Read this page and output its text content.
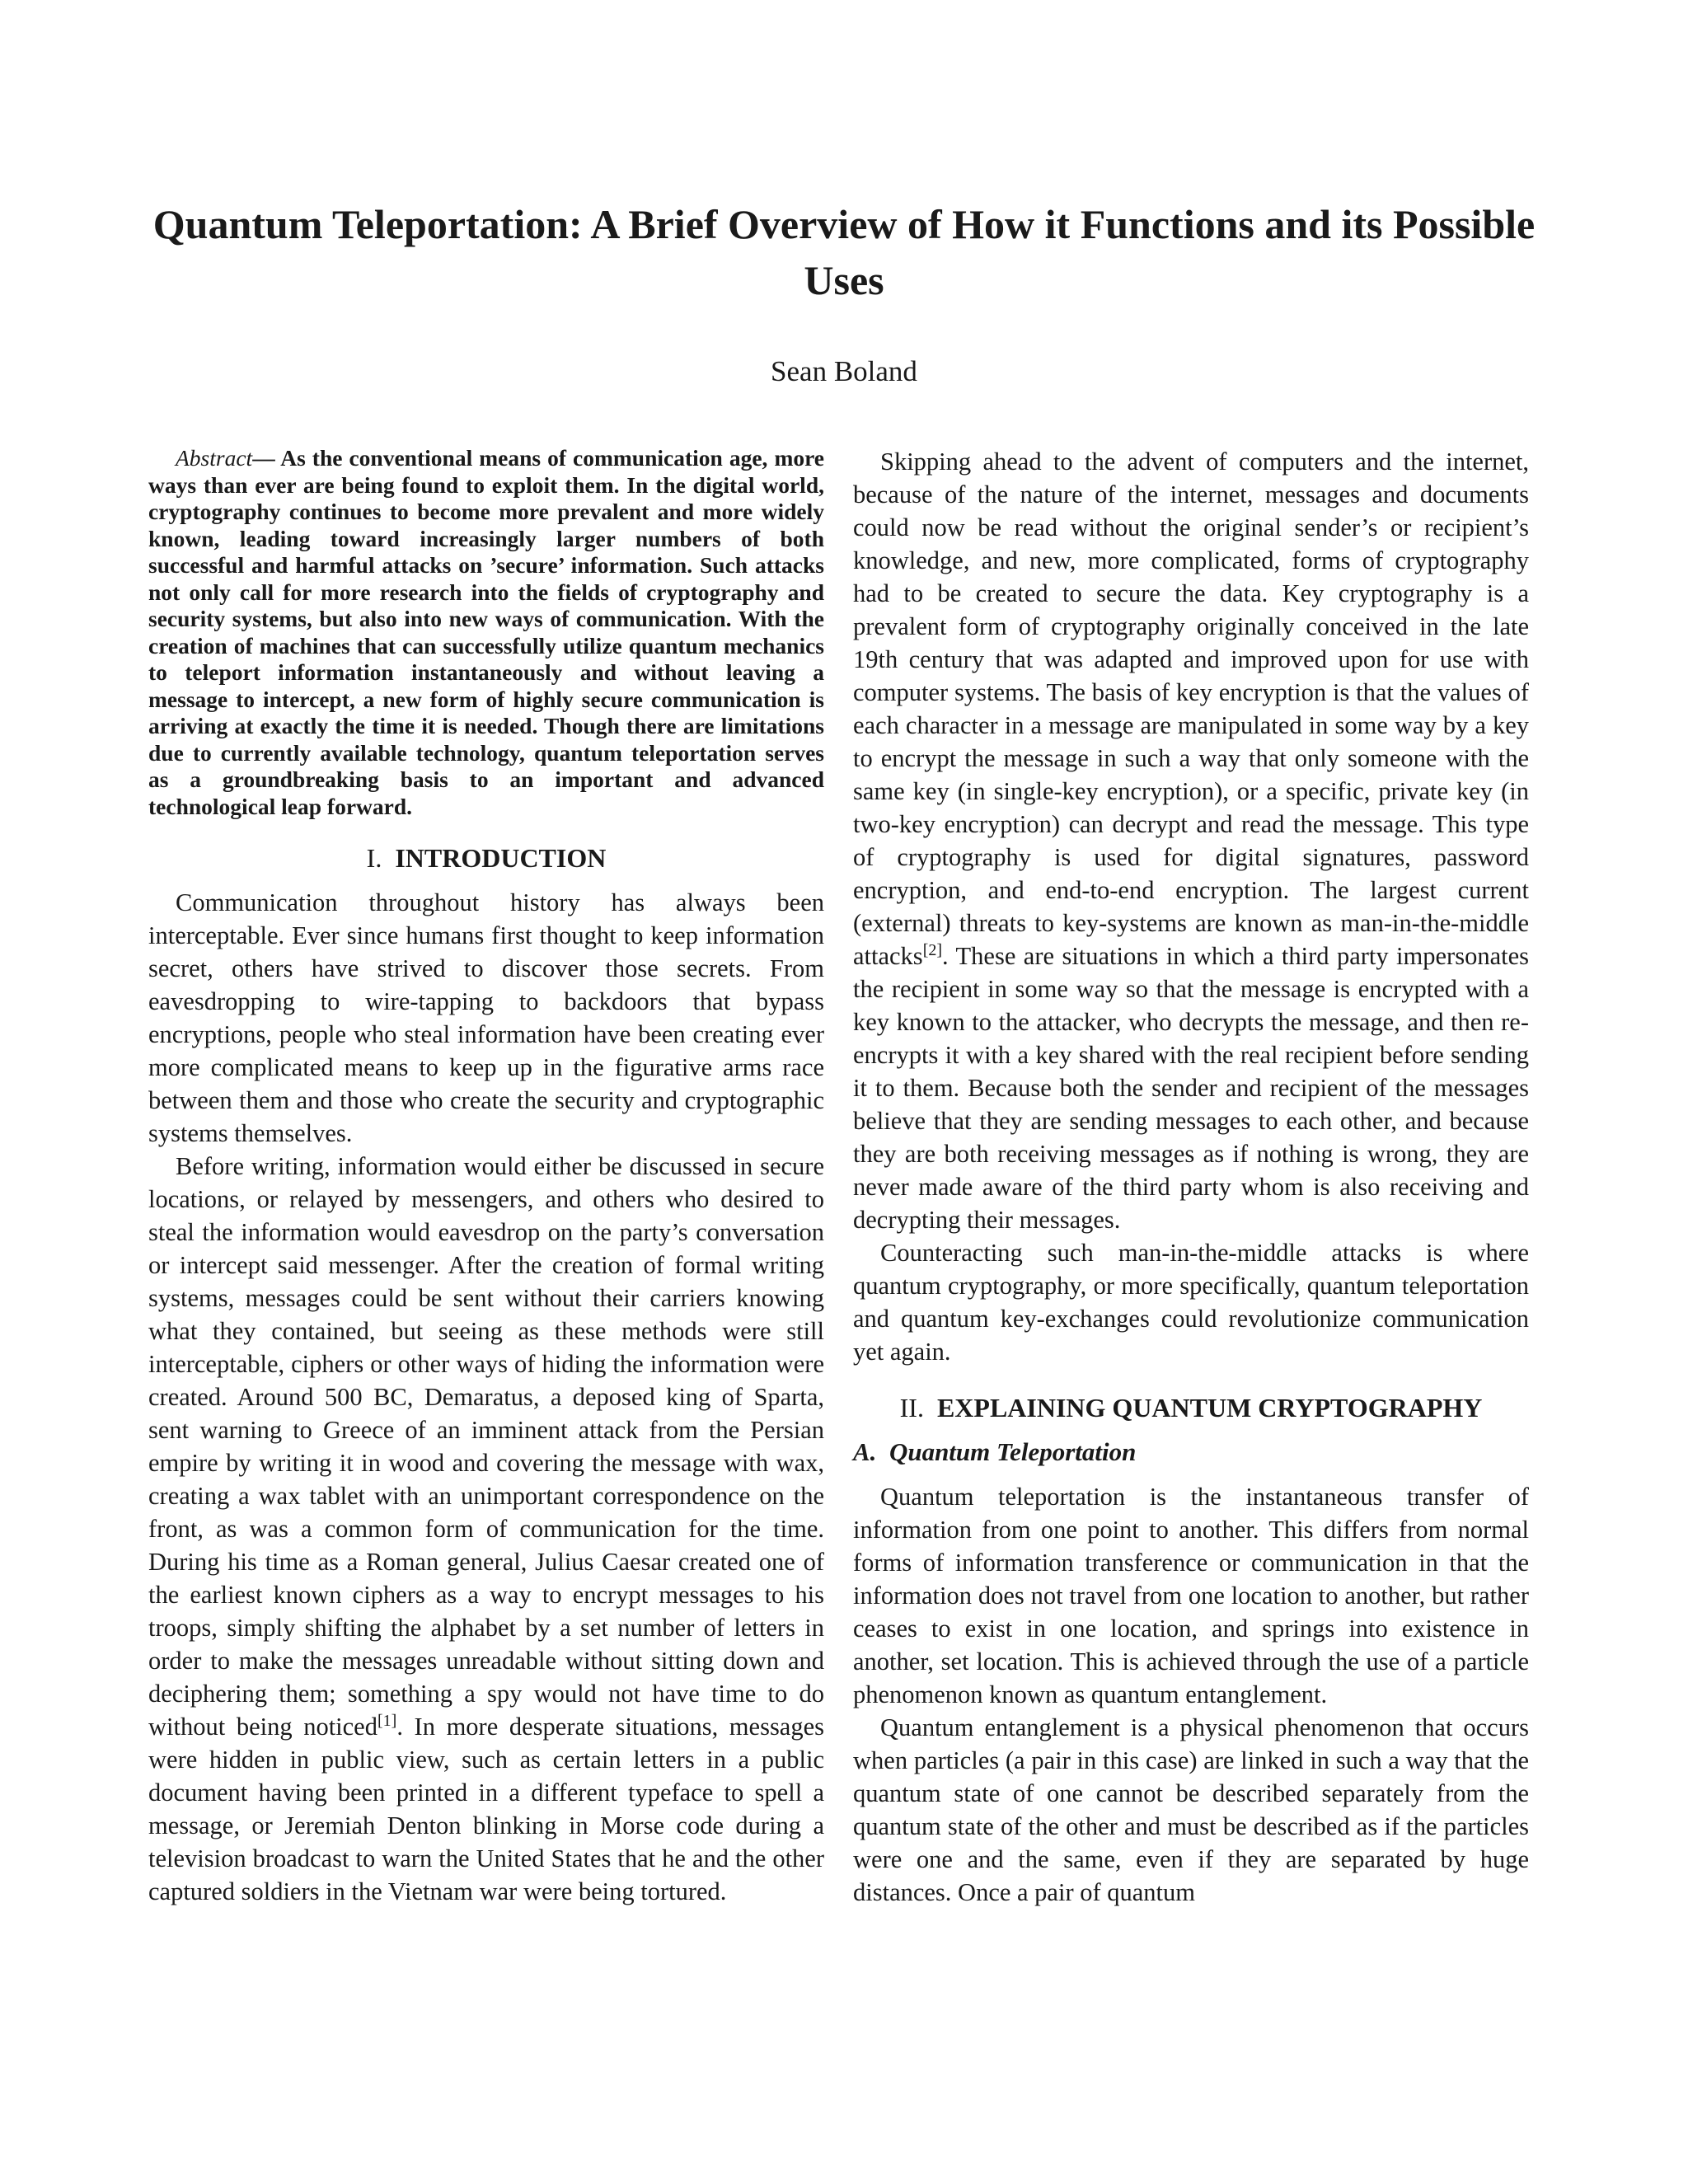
Quantum Teleportation: A Brief Overview of How it Functions and its Possible Uses
Sean Boland

Abstract— As the conventional means of communication age, more ways than ever are being found to exploit them. In the digital world, cryptography continues to become more prevalent and more widely known, leading toward increasingly larger numbers of both successful and harmful attacks on ’secure’ information. Such attacks not only call for more research into the fields of cryptography and security systems, but also into new ways of communication. With the creation of machines that can successfully utilize quantum mechanics to teleport information instantaneously and without leaving a message to intercept, a new form of highly secure communication is arriving at exactly the time it is needed. Though there are limitations due to currently available technology, quantum teleportation serves as a groundbreaking basis to an important and advanced technological leap forward.

I. INTRODUCTION

Communication throughout history has always been interceptable. Ever since humans first thought to keep information secret, others have strived to discover those secrets. From eavesdropping to wire-tapping to backdoors that bypass encryptions, people who steal information have been creating ever more complicated means to keep up in the figurative arms race between them and those who create the security and cryptographic systems themselves.

Before writing, information would either be discussed in secure locations, or relayed by messengers, and others who desired to steal the information would eavesdrop on the party’s conversation or intercept said messenger. After the creation of formal writing systems, messages could be sent without their carriers knowing what they contained, but seeing as these methods were still interceptable, ciphers or other ways of hiding the information were created. Around 500 BC, Demaratus, a deposed king of Sparta, sent warning to Greece of an imminent attack from the Persian empire by writing it in wood and covering the message with wax, creating a wax tablet with an unimportant correspondence on the front, as was a common form of communication for the time. During his time as a Roman general, Julius Caesar created one of the earliest known ciphers as a way to encrypt messages to his troops, simply shifting the alphabet by a set number of letters in order to make the messages unreadable without sitting down and deciphering them; something a spy would not have time to do without being noticed[1]. In more desperate situations, messages were hidden in public view, such as certain letters in a public document having been printed in a different typeface to spell a message, or Jeremiah Denton blinking in Morse code during a television broadcast to warn the United States that he and the other captured soldiers in the Vietnam war were being tortured.

Skipping ahead to the advent of computers and the internet, because of the nature of the internet, messages and documents could now be read without the original sender’s or recipient’s knowledge, and new, more complicated, forms of cryptography had to be created to secure the data. Key cryptography is a prevalent form of cryptography originally conceived in the late 19th century that was adapted and improved upon for use with computer systems. The basis of key encryption is that the values of each character in a message are manipulated in some way by a key to encrypt the message in such a way that only someone with the same key (in single-key encryption), or a specific, private key (in two-key encryption) can decrypt and read the message. This type of cryptography is used for digital signatures, password encryption, and end-to-end encryption. The largest current (external) threats to key-systems are known as man-in-the-middle attacks[2]. These are situations in which a third party impersonates the recipient in some way so that the message is encrypted with a key known to the attacker, who decrypts the message, and then re-encrypts it with a key shared with the real recipient before sending it to them. Because both the sender and recipient of the messages believe that they are sending messages to each other, and because they are both receiving messages as if nothing is wrong, they are never made aware of the third party whom is also receiving and decrypting their messages.

Counteracting such man-in-the-middle attacks is where quantum cryptography, or more specifically, quantum teleportation and quantum key-exchanges could revolutionize communication yet again.

II. EXPLAINING QUANTUM CRYPTOGRAPHY
A. Quantum Teleportation

Quantum teleportation is the instantaneous transfer of information from one point to another. This differs from normal forms of information transference or communication in that the information does not travel from one location to another, but rather ceases to exist in one location, and springs into existence in another, set location. This is achieved through the use of a particle phenomenon known as quantum entanglement.

Quantum entanglement is a physical phenomenon that occurs when particles (a pair in this case) are linked in such a way that the quantum state of one cannot be described separately from the quantum state of the other and must be described as if the particles were one and the same, even if they are separated by huge distances. Once a pair of quantum
